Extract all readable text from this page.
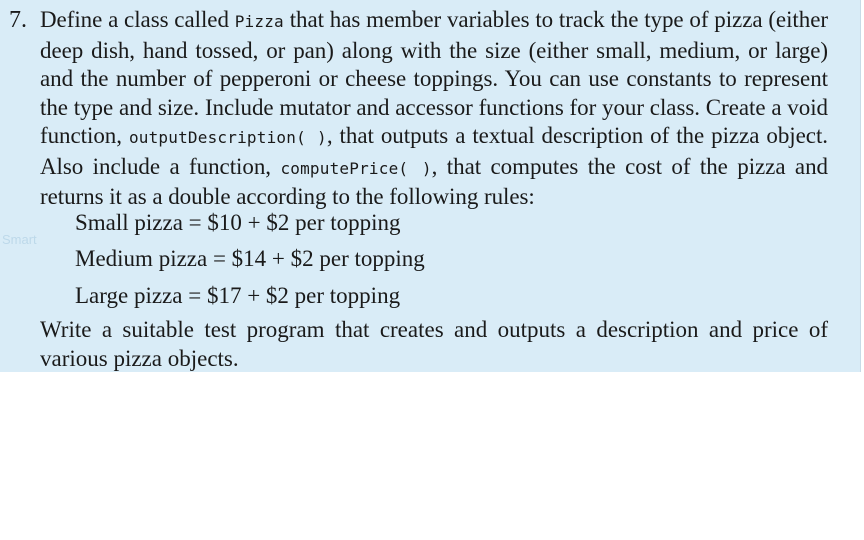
7. Define a class called Pizza that has member variables to track the type of pizza (either deep dish, hand tossed, or pan) along with the size (either small, medium, or large) and the number of pepperoni or cheese toppings. You can use constants to represent the type and size. Include mutator and accessor functions for your class. Create a void function, outputDescription( ), that outputs a textual description of the pizza object. Also include a function, computePrice( ), that computes the cost of the pizza and returns it as a double according to the following rules:
Smart
Small pizza = $10 + $2 per topping
Medium pizza = $14 + $2 per topping
Large pizza = $17 + $2 per topping
Write a suitable test program that creates and outputs a description and price of various pizza objects.
